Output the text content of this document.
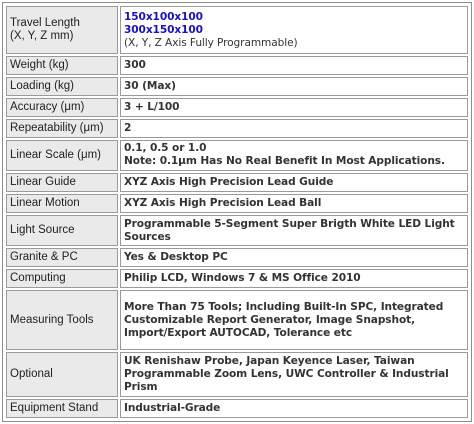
Travel Length
(X, Y, Z mm)	150x100x100
300x150x100
(X, Y, Z Axis Fully Programmable)

Weight (kg)	300

Loading (kg)	30 (Max)

Accuracy (μm)	3 + L/100

Repeatability (μm)	2

Linear Scale (μm)	0.1, 0.5 or 1.0
Note: 0.1μm Has No Real Benefit In Most Applications.

Linear Guide	XYZ Axis High Precision Lead Guide

Linear Motion	XYZ Axis High Precision Lead Ball

Light Source	Programmable 5-Segment Super Brigth White LED Light Sources

Granite & PC	Yes & Desktop PC

Computing	Philip LCD, Windows 7 & MS Office 2010

Measuring Tools	More Than 75 Tools; Including Built-In SPC, Integrated Customizable Report Generator, Image Snapshot, Import/Export AUTOCAD, Tolerance etc

Optional	UK Renishaw Probe, Japan Keyence Laser, Taiwan Programmable Zoom Lens, UWC Controller & Industrial Prism

Equipment Stand	Industrial-Grade
